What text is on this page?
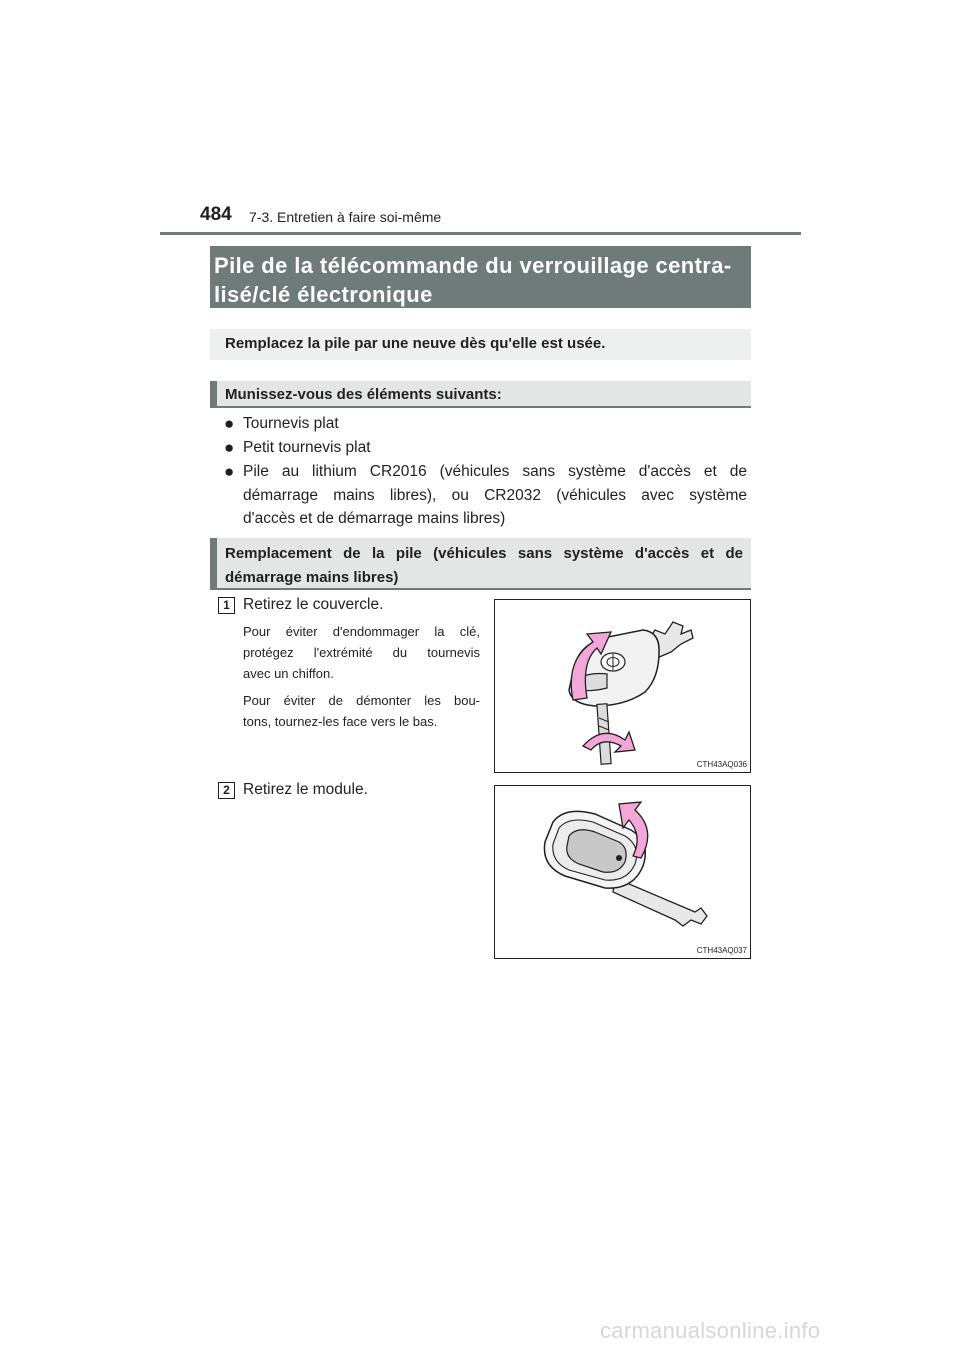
484 7-3. Entretien à faire soi-même
Pile de la télécommande du verrouillage centra-
lisé/clé électronique
Remplacez la pile par une neuve dès qu'elle est usée.
Munissez-vous des éléments suivants:
● Tournevis plat
● Petit tournevis plat
● Pile au lithium CR2016 (véhicules sans système d'accès et de
démarrage mains libres), ou CR2032 (véhicules avec système
d'accès et de démarrage mains libres)
Remplacement de la pile (véhicules sans système d'accès et de
démarrage mains libres)
1 Retirez le couvercle.
Pour éviter d'endommager la clé,
protégez l'extrémité du tournevis
avec un chiffon.
Pour éviter de démonter les bou-
tons, tournez-les face vers le bas.
CTH43AQ036
2 Retirez le module.
CTH43AQ037
carmanualsonline.info
